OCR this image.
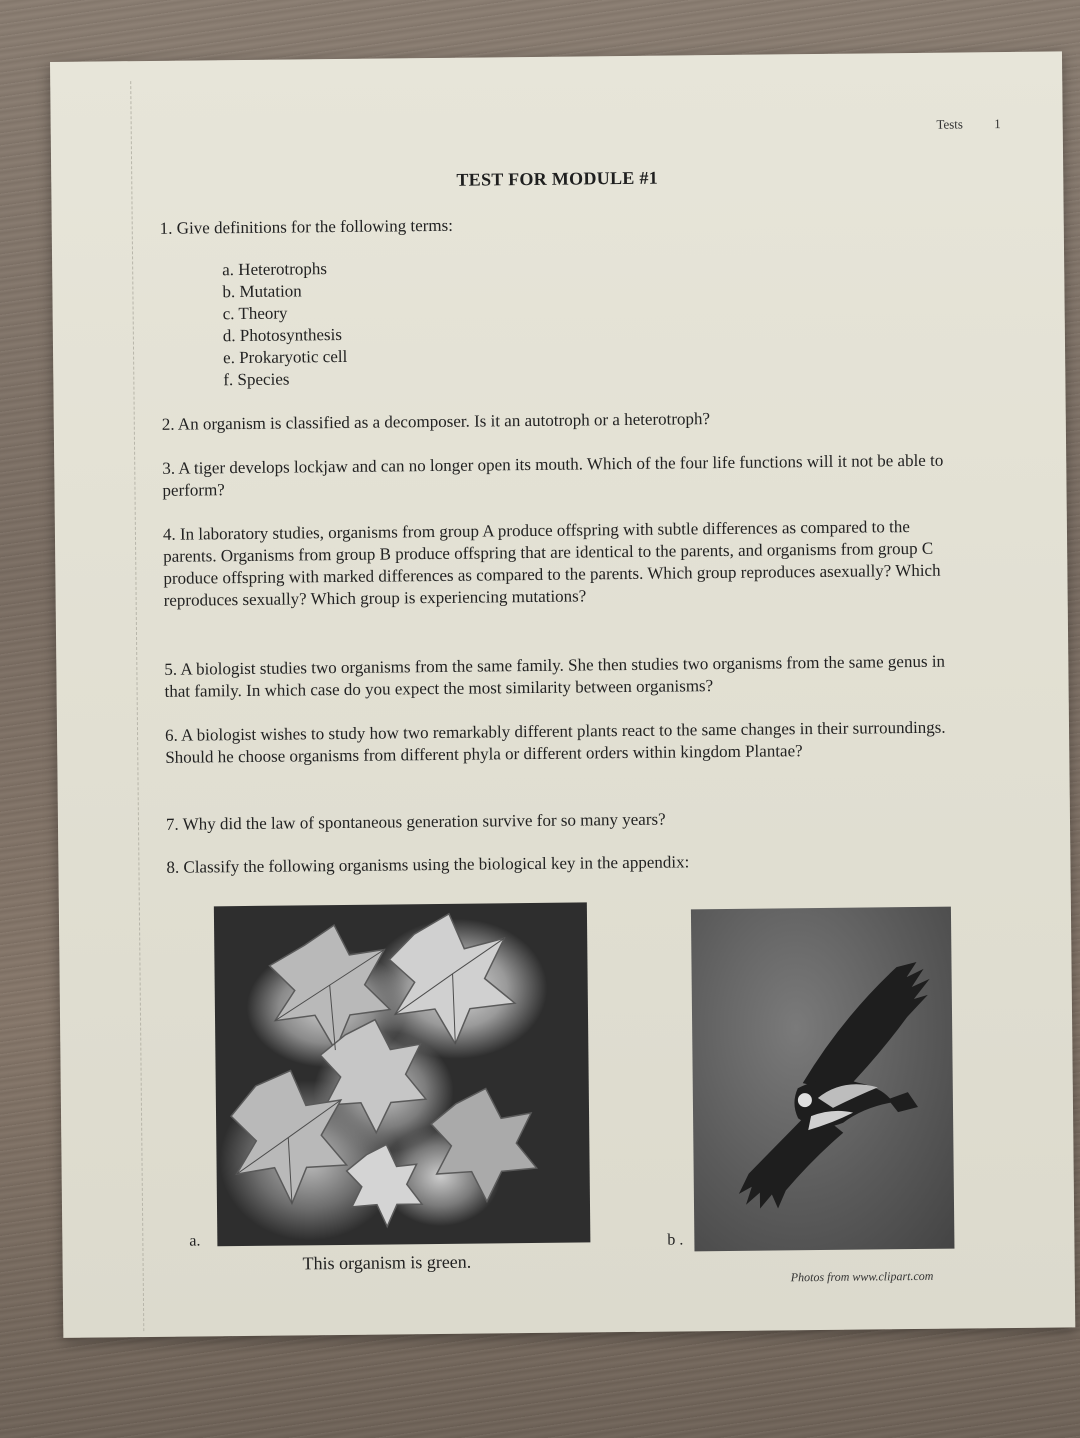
Tests 1
TEST FOR MODULE #1
1. Give definitions for the following terms:
a. Heterotrophs
b. Mutation
c. Theory
d. Photosynthesis
e. Prokaryotic cell
f. Species
2. An organism is classified as a decomposer. Is it an autotroph or a heterotroph?
3. A tiger develops lockjaw and can no longer open its mouth. Which of the four life functions will it not be able to perform?
4. In laboratory studies, organisms from group A produce offspring with subtle differences as compared to the parents. Organisms from group B produce offspring that are identical to the parents, and organisms from group C produce offspring with marked differences as compared to the parents. Which group reproduces asexually? Which reproduces sexually? Which group is experiencing mutations?
5. A biologist studies two organisms from the same family. She then studies two organisms from the same genus in that family. In which case do you expect the most similarity between organisms?
6. A biologist wishes to study how two remarkably different plants react to the same changes in their surroundings. Should he choose organisms from different phyla or different orders within kingdom Plantae?
7. Why did the law of spontaneous generation survive for so many years?
8. Classify the following organisms using the biological key in the appendix:
a.	b .
This organism is green.
Photos from www.clipart.com
